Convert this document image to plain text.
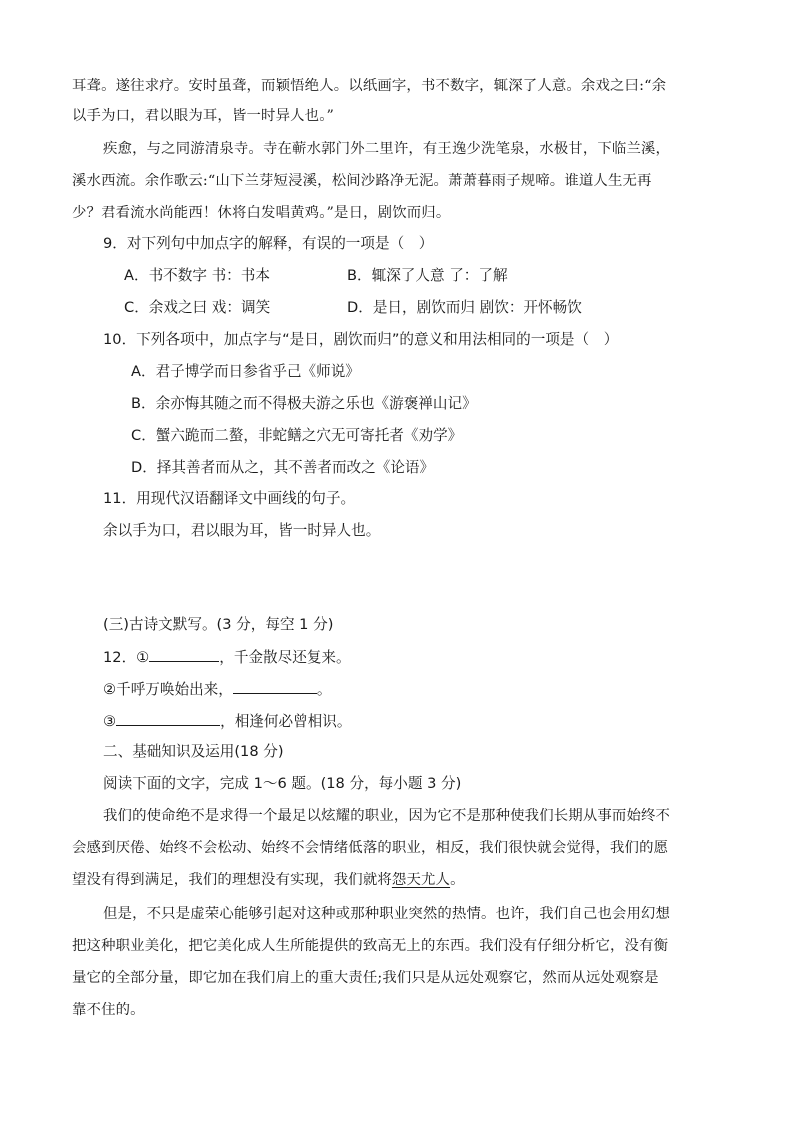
耳聋。遂往求疗。安时虽聋，而颖悟绝人。以纸画字，书不数字，辄深了人意。余戏之曰:“余
以手为口，君以眼为耳，皆一时异人也。”
疾愈，与之同游清泉寺。寺在蕲水郭门外二里许，有王逸少洗笔泉，水极甘，下临兰溪，
溪水西流。余作歌云:“山下兰芽短浸溪，松间沙路净无泥。萧萧暮雨子规啼。谁道人生无再
少？君看流水尚能西！休将白发唱黄鸡。”是日，剧饮而归。
9．对下列句中加点字的解释，有误的一项是（　）
A．书不数字 书：书本	B．辄深了人意 了：了解
C．余戏之曰 戏：调笑	D．是日，剧饮而归 剧饮：开怀畅饮
10．下列各项中，加点字与“是日，剧饮而归”的意义和用法相同的一项是（　）
A．君子博学而日参省乎己《师说》
B．余亦悔其随之而不得极夫游之乐也《游褒禅山记》
C．蟹六跪而二螯，非蛇鳝之穴无可寄托者《劝学》
D．择其善者而从之，其不善者而改之《论语》
11．用现代汉语翻译文中画线的句子。
余以手为口，君以眼为耳，皆一时异人也。
(三)古诗文默写。(3 分，每空 1 分)
12．①	，千金散尽还复来。
②千呼万唤始出来，	。
③	，相逢何必曾相识。
二、基础知识及运用(18 分)
阅读下面的文字，完成 1～6 题。(18 分，每小题 3 分)
我们的使命绝不是求得一个最足以炫耀的职业，因为它不是那种使我们长期从事而始终不
会感到厌倦、始终不会松动、始终不会情绪低落的职业，相反，我们很快就会觉得，我们的愿
望没有得到满足，我们的理想没有实现，我们就将怨天尤人。
但是，不只是虚荣心能够引起对这种或那种职业突然的热情。也许，我们自己也会用幻想
把这种职业美化，把它美化成人生所能提供的致高无上的东西。我们没有仔细分析它，没有衡
量它的全部分量，即它加在我们肩上的重大责任;我们只是从远处观察它，然而从远处观察是
靠不住的。
